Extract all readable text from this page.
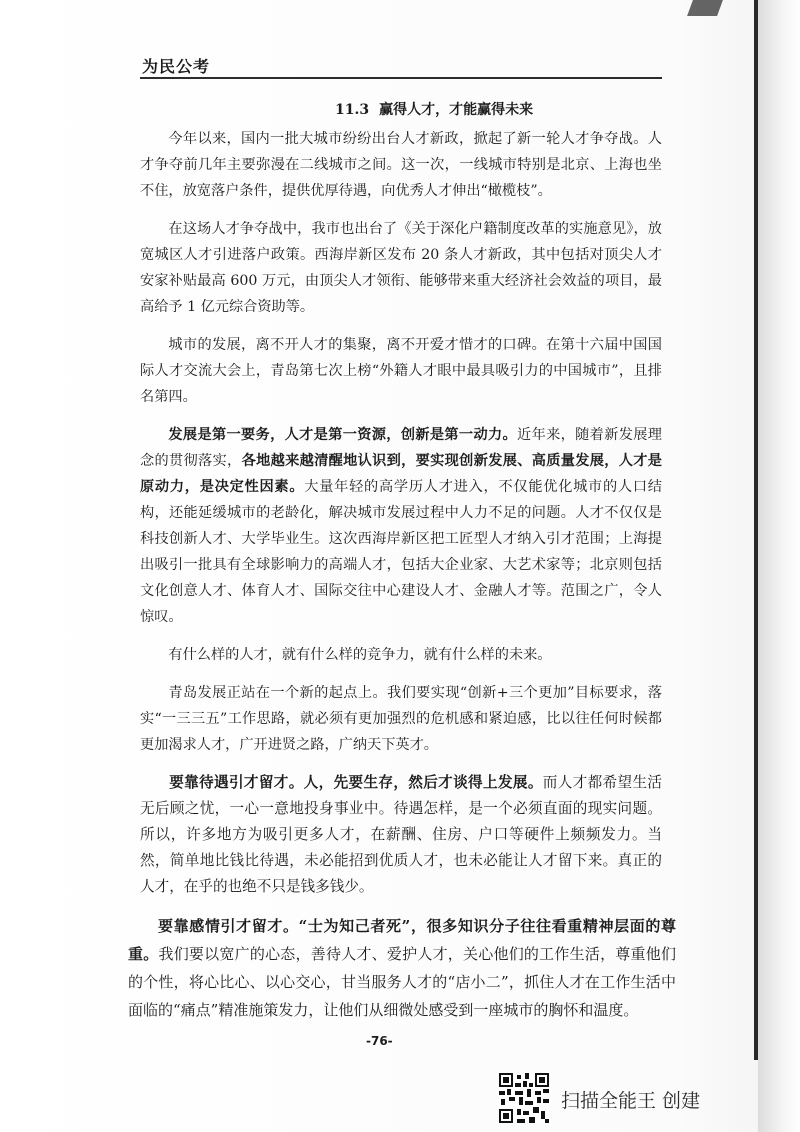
为民公考
11.3 赢得人才，才能赢得未来

今年以来，国内一批大城市纷纷出台人才新政，掀起了新一轮人才争夺战。人才争夺前几年主要弥漫在二线城市之间。这一次，一线城市特别是北京、上海也坐不住，放宽落户条件，提供优厚待遇，向优秀人才伸出“橄榄枝”。

在这场人才争夺战中，我市也出台了《关于深化户籍制度改革的实施意见》，放宽城区人才引进落户政策。西海岸新区发布 20 条人才新政，其中包括对顶尖人才安家补贴最高 600 万元，由顶尖人才领衔、能够带来重大经济社会效益的项目，最高给予 1 亿元综合资助等。

城市的发展，离不开人才的集聚，离不开爱才惜才的口碑。在第十六届中国国际人才交流大会上，青岛第七次上榜“外籍人才眼中最具吸引力的中国城市”，且排名第四。

发展是第一要务，人才是第一资源，创新是第一动力。近年来，随着新发展理念的贯彻落实，各地越来越清醒地认识到，要实现创新发展、高质量发展，人才是原动力，是决定性因素。大量年轻的高学历人才进入，不仅能优化城市的人口结构，还能延缓城市的老龄化，解决城市发展过程中人力不足的问题。人才不仅仅是科技创新人才、大学毕业生。这次西海岸新区把工匠型人才纳入引才范围；上海提出吸引一批具有全球影响力的高端人才，包括大企业家、大艺术家等；北京则包括文化创意人才、体育人才、国际交往中心建设人才、金融人才等。范围之广，令人惊叹。

有什么样的人才，就有什么样的竞争力，就有什么样的未来。

青岛发展正站在一个新的起点上。我们要实现“创新+三个更加”目标要求，落实“一三三五”工作思路，就必须有更加强烈的危机感和紧迫感，比以往任何时候都更加渴求人才，广开进贤之路，广纳天下英才。

要靠待遇引才留才。人，先要生存，然后才谈得上发展。而人才都希望生活无后顾之忧，一心一意地投身事业中。待遇怎样，是一个必须直面的现实问题。所以，许多地方为吸引更多人才，在薪酬、住房、户口等硬件上频频发力。当然，简单地比钱比待遇，未必能招到优质人才，也未必能让人才留下来。真正的人才，在乎的也绝不只是钱多钱少。

要靠感情引才留才。“士为知己者死”，很多知识分子往往看重精神层面的尊重。我们要以宽广的心态，善待人才、爱护人才，关心他们的工作生活，尊重他们的个性，将心比心、以心交心，甘当服务人才的“店小二”，抓住人才在工作生活中面临的“痛点”精准施策发力，让他们从细微处感受到一座城市的胸怀和温度。

-76-
扫描全能王 创建
